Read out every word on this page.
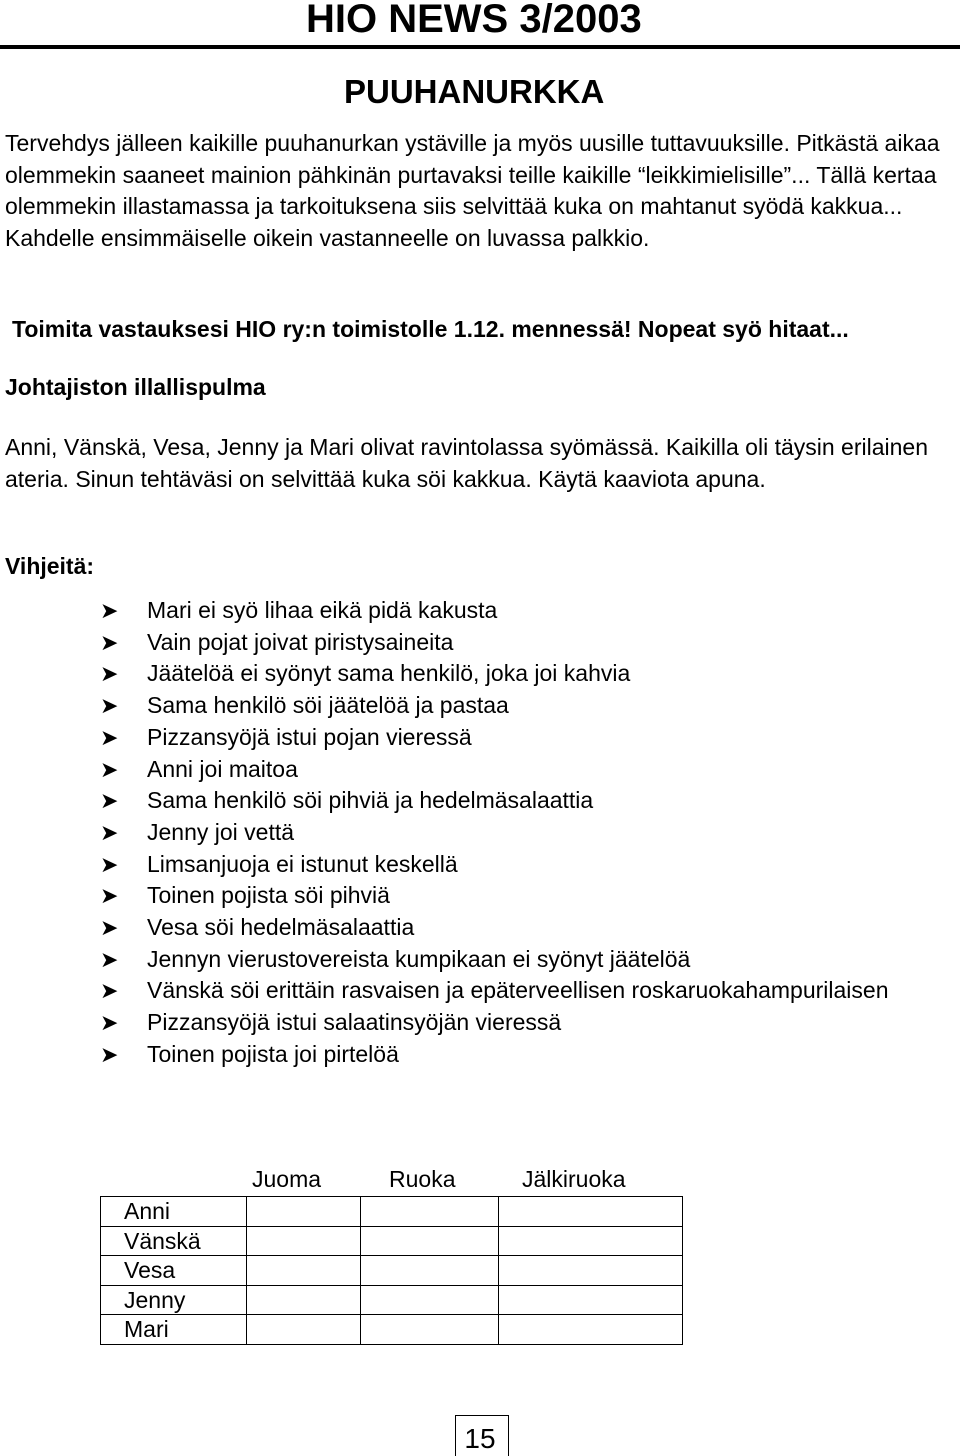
HIO NEWS 3/2003
PUUHANURKKA

Tervehdys jälleen kaikille puuhanurkan ystäville ja myös uusille tuttavuuksille. Pitkästä aikaa olemmekin saaneet mainion pähkinän purtavaksi teille kaikille “leikkimielisille”... Tällä kertaa olemmekin illastamassa ja tarkoituksena siis selvittää kuka on mahtanut syödä kakkua... Kahdelle ensimmäiselle oikein vastanneelle on luvassa palkkio.

Toimita vastauksesi HIO ry:n toimistolle 1.12. mennessä! Nopeat syö hitaat...

Johtajiston illallispulma

Anni, Vänskä, Vesa, Jenny ja Mari olivat ravintolassa syömässä. Kaikilla oli täysin erilainen ateria. Sinun tehtäväsi on selvittää kuka söi kakkua. Käytä kaaviota apuna.

Vihjeitä:

➤ Mari ei syö lihaa eikä pidä kakusta
➤ Vain pojat joivat piristysaineita
➤ Jäätelöä ei syönyt sama henkilö, joka joi kahvia
➤ Sama henkilö söi jäätelöä ja pastaa
➤ Pizzansyöjä istui pojan vieressä
➤ Anni joi maitoa
➤ Sama henkilö söi pihviä ja hedelmäsalaattia
➤ Jenny joi vettä
➤ Limsanjuoja ei istunut keskellä
➤ Toinen pojista söi pihviä
➤ Vesa söi hedelmäsalaattia
➤ Jennyn vierustovereista kumpikaan ei syönyt jäätelöä
➤ Vänskä söi erittäin rasvaisen ja epäterveellisen roskaruokahampurilaisen
➤ Pizzansyöjä istui salaatinsyöjän vieressä
➤ Toinen pojista joi pirtelöä
Juoma	Ruoka	Jälkiruoka
Anni			
Vänskä			
Vesa			
Jenny			
Mari			
15
